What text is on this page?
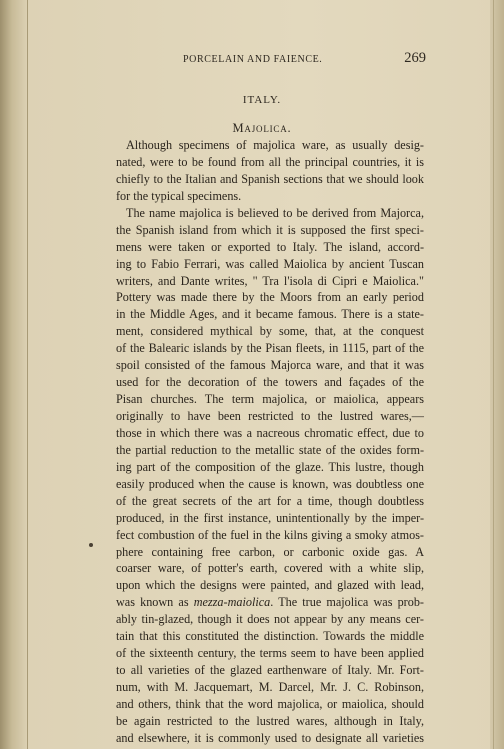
PORCELAIN AND FAIENCE.	269
ITALY.
Majolica.
Although specimens of majolica ware, as usually desig-
nated, were to be found from all the principal countries, it is
chiefly to the Italian and Spanish sections that we should look
for the typical specimens.
The name majolica is believed to be derived from Majorca,
the Spanish island from which it is supposed the first speci-
mens were taken or exported to Italy. The island, accord-
ing to Fabio Ferrari, was called Maiolica by ancient Tuscan
writers, and Dante writes, " Tra l'isola di Cipri e Maiolica."
Pottery was made there by the Moors from an early period
in the Middle Ages, and it became famous. There is a state-
ment, considered mythical by some, that, at the conquest
of the Balearic islands by the Pisan fleets, in 1115, part of the
spoil consisted of the famous Majorca ware, and that it was
used for the decoration of the towers and façades of the
Pisan churches. The term majolica, or maiolica, appears
originally to have been restricted to the lustred wares,—
those in which there was a nacreous chromatic effect, due to
the partial reduction to the metallic state of the oxides form-
ing part of the composition of the glaze. This lustre, though
easily produced when the cause is known, was doubtless one
of the great secrets of the art for a time, though doubtless
produced, in the first instance, unintentionally by the imper-
fect combustion of the fuel in the kilns giving a smoky atmos-
phere containing free carbon, or carbonic oxide gas. A
coarser ware, of potter's earth, covered with a white slip,
upon which the designs were painted, and glazed with lead,
was known as mezza-maiolica. The true majolica was prob-
ably tin-glazed, though it does not appear by any means cer-
tain that this constituted the distinction. Towards the middle
of the sixteenth century, the terms seem to have been applied
to all varieties of the glazed earthenware of Italy. Mr. Fort-
num, with M. Jacquemart, M. Darcel, Mr. J. C. Robinson,
and others, think that the word majolica, or maiolica, should
be again restricted to the lustred wares, although in Italy,
and elsewhere, it is commonly used to designate all varieties
